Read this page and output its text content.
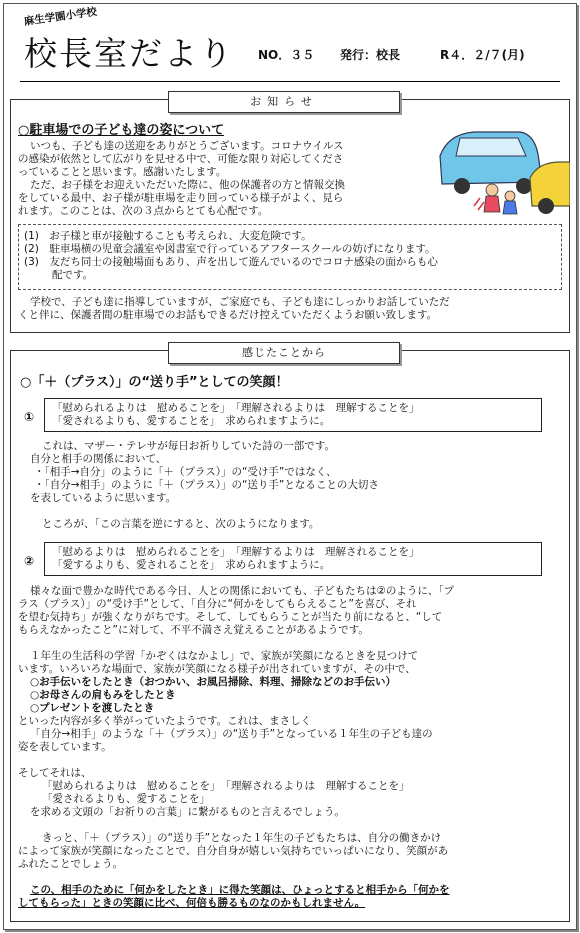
麻生学園小学校
校長室だより NO．３５ 発行：校長	R４．２/７(月)
お知らせ
○駐車場での子ども達の姿について
いつも、子ども達の送迎をありがとうございます。コロナウイルス
の感染が依然として広がりを見せる中で、可能な限り対応してくださ
っていることと思います。感謝いたします。
ただ、お子様をお迎えいただいた際に、他の保護者の方と情報交換
をしている最中、お子様が駐車場を走り回っている様子がよく、見ら
れます。このことは、次の３点からとても心配です。
(1)　お子様と車が接触することも考えられ、大変危険です。
(2)　駐車場横の児童会議室や図書室で行っているアフタースクールの妨げになります。
(3)　友だち同士の接触場面もあり、声を出して遊んでいるのでコロナ感染の面からも心
配です。
学校で、子ども達に指導していますが、ご家庭でも、子ども達にしっかりお話していただ
くと伴に、保護者間の駐車場でのお話もできるだけ控えていただくようお願い致します。
感じたことから
○「＋（プラス）」の“送り手”としての笑顔！
①
「慰められるよりは　慰めることを」　「理解されるよりは　理解することを」
「愛されるよりも、愛することを」　求められますように。
これは、マザー・テレサが毎日お祈りしていた詩の一部です。
自分と相手の関係において、
・「相手→自分」のように「＋（プラス）」の“受け手”ではなく、
・「自分→相手」のように「＋（プラス）」の“送り手”となることの大切さ
を表しているように思います。
ところが、「この言葉を逆にすると、次のようになります。
②
「慰めるよりは　慰められることを」　「理解するよりは　理解されることを」
「愛するよりも、愛されることを」　求められますように。
様々な面で豊かな時代である今日、人との関係においても、子どもたちは②のように、「プ
ラス（プラス）」の“受け手”として、「自分に“何かをしてもらえること”を喜び、それ
を望む気持ち」が強くなりがちです。そして、してもらうことが当たり前になると、“して
もらえなかったこと”に対して、不平不満さえ覚えることがあるようです。
１年生の生活科の学習「かぞくはなかよし」で、家族が笑顔になるときを見つけて
います。いろいろな場面で、家族が笑顔になる様子が出されていますが、その中で、
○お手伝いをしたとき（おつかい、お風呂掃除、料理、掃除などのお手伝い）
○お母さんの肩もみをしたとき
○プレゼントを渡したとき
といった内容が多く挙がっていたようです。これは、まさしく
「自分→相手」のような「＋（プラス）」の“送り手”となっている１年生の子ども達の
姿を表しています。
そしてそれは、
「慰められるよりは　慰めることを」　「理解されるよりは　理解することを」
「愛されるよりも、愛することを」
を求める文頭の「お祈りの言葉」に繋がるものと言えるでしょう。
きっと、「＋（プラス）」の“送り手”となった１年生の子どもたちは、自分の働きかけ
によって家族が笑顔になったことで、自分自身が嬉しい気持ちでいっぱいになり、笑顔があ
ふれたことでしょう。
この、相手のために「何かをしたとき」に得た笑顔は、ひょっとすると相手から「何かを
してもらった」ときの笑顔に比べ、何倍も勝るものなのかもしれません。
